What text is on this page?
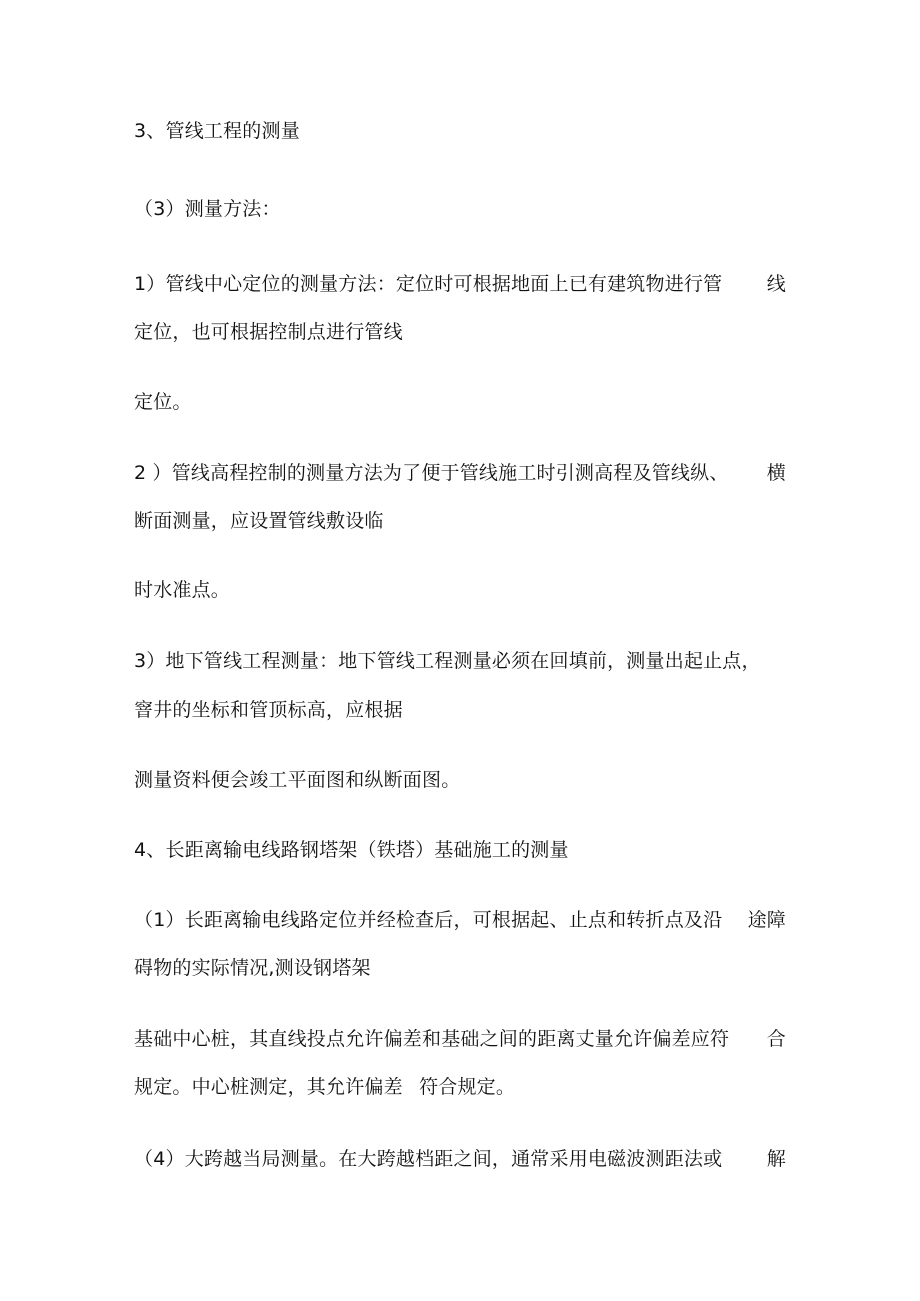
3、管线工程的测量
（3）测量方法：
1）管线中心定位的测量方法：定位时可根据地面上已有建筑物进行管 线
定位，也可根据控制点进行管线
定位。
2 ）管线高程控制的测量方法为了便于管线施工时引测高程及管线纵、 横
断面测量，应设置管线敷设临
时水准点。
3）地下管线工程测量：地下管线工程测量必须在回填前，测量出起止点，
窨井的坐标和管顶标高，应根据
测量资料便会竣工平面图和纵断面图。
4、长距离输电线路钢塔架（铁塔）基础施工的测量
（1）长距离输电线路定位并经检查后，可根据起、止点和转折点及沿 途障
碍物的实际情况,测设钢塔架
基础中心桩，其直线投点允许偏差和基础之间的距离丈量允许偏差应符 合
规定。中心桩测定，其允许偏差 符合规定。
（4）大跨越当局测量。在大跨越档距之间，通常采用电磁波测距法或 解
